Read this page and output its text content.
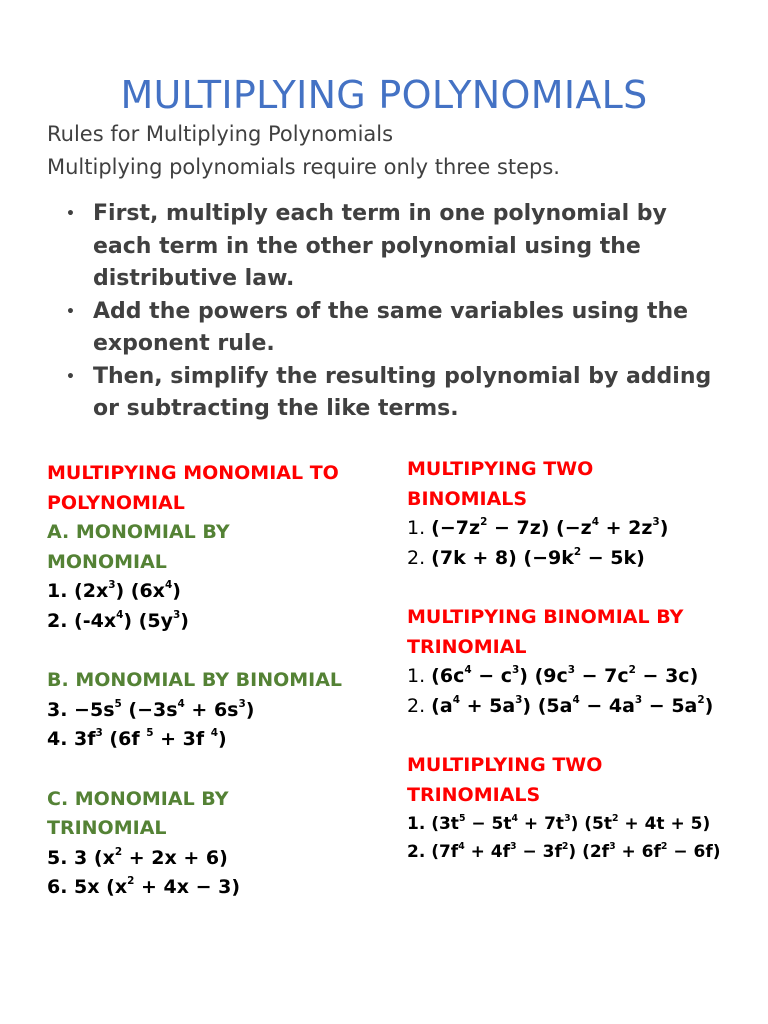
MULTIPLYING POLYNOMIALS
Rules for Multiplying Polynomials
Multiplying polynomials require only three steps.
• First, multiply each term in one polynomial by each term in the other polynomial using the distributive law.
• Add the powers of the same variables using the exponent rule.
• Then, simplify the resulting polynomial by adding or subtracting the like terms.
MULTIPYING MONOMIAL TO
POLYNOMIAL
A. MONOMIAL BY
MONOMIAL
1. $(2x^3)$ $(6x^4)$
2. $(-4x^4)$ $(5y^3)$
B. MONOMIAL BY BINOMIAL
3. $-5s^5$ $(-3s^4 + 6s^3)$
4. $3f^3$ (6f $^5$ + 3f $^4$)
C. MONOMIAL BY
TRINOMIAL
5. 3 $(x^2 + 2x + 6)$
6. 5x $(x^2 + 4x - 3)$
MULTIPYING TWO
BINOMIALS
1. $(-7z^2 - 7z) (-z^4 + 2z^3)$
2. (7k + 8) $(-9k^2 - 5k)$
MULTIPYING BINOMIAL BY
TRINOMIAL
1. $(6c^4 - c^3) (9c^3 - 7c^2 - 3c)$
2. $(a^4 + 5a^3) (5a^4 - 4a^3 - 5a^2)$
MULTIPLYING TWO
TRINOMIALS
1. $(3t^5 - 5t^4 + 7t^3) (5t^2 + 4t + 5)$
2. $(7f^4 + 4f^3 - 3f^2) (2f^3 + 6f^2 - 6f)$
